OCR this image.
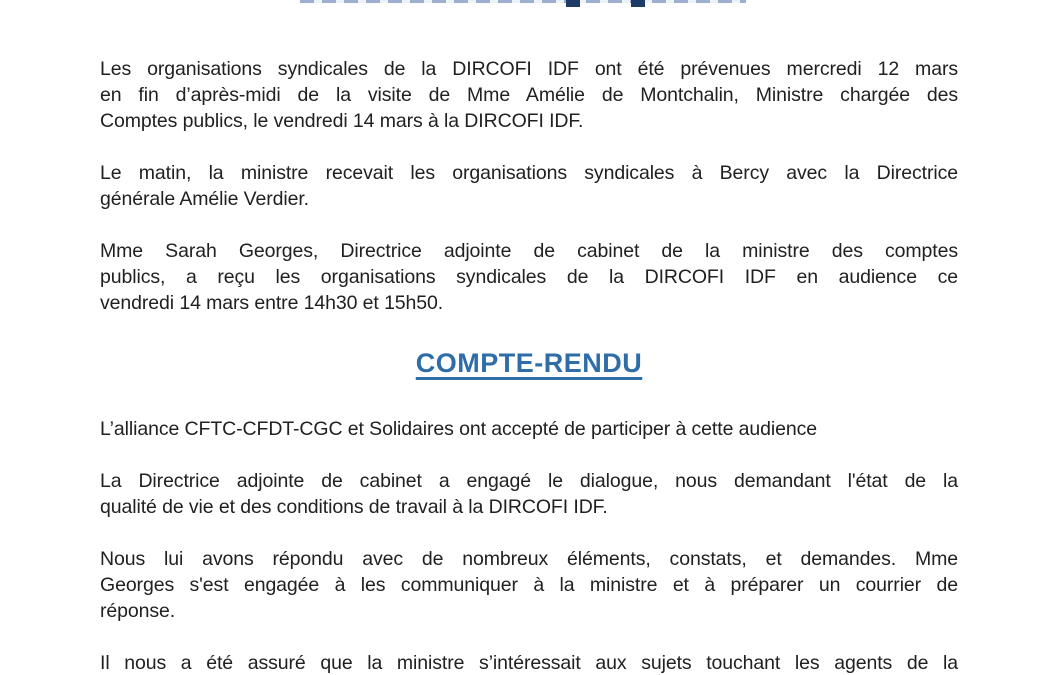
Les organisations syndicales de la DIRCOFI IDF ont été prévenues mercredi 12 mars
en fin d’après-midi de la visite de Mme Amélie de Montchalin, Ministre chargée des
Comptes publics, le vendredi 14 mars à la DIRCOFI IDF.

Le matin, la ministre recevait les organisations syndicales à Bercy avec la Directrice
générale Amélie Verdier.

Mme Sarah Georges, Directrice adjointe de cabinet de la ministre des comptes
publics, a reçu les organisations syndicales de la DIRCOFI IDF en audience ce
vendredi 14 mars entre 14h30 et 15h50.

COMPTE-RENDU

L’alliance CFTC-CFDT-CGC et Solidaires ont accepté de participer à cette audience

La Directrice adjointe de cabinet a engagé le dialogue, nous demandant l'état de la
qualité de vie et des conditions de travail à la DIRCOFI IDF.

Nous lui avons répondu avec de nombreux éléments, constats, et demandes. Mme
Georges s'est engagée à les communiquer à la ministre et à préparer un courrier de
réponse.

Il nous a été assuré que la ministre s’intéressait aux sujets touchant les agents de la
